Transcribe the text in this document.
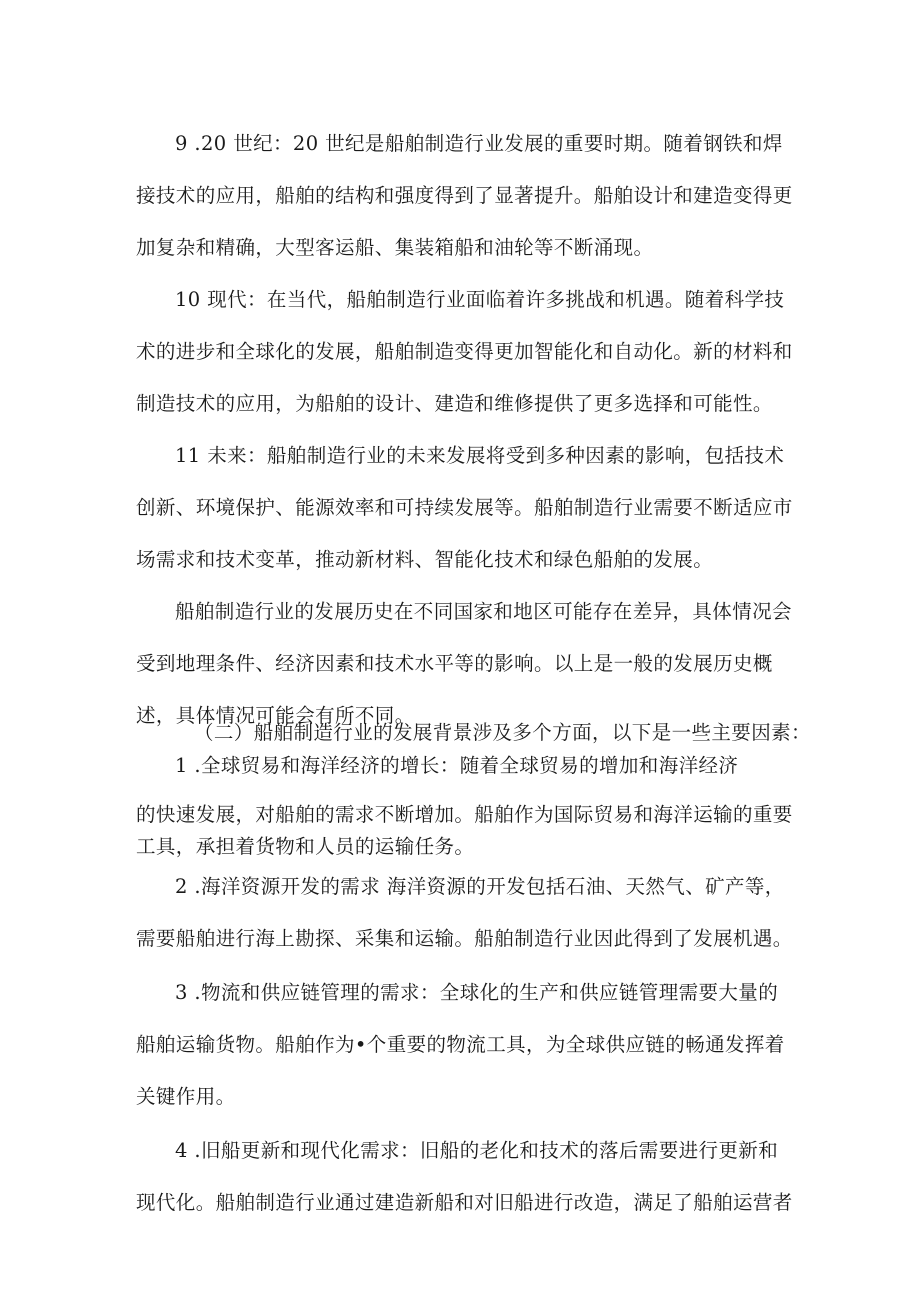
9 .20 世纪：20 世纪是船舶制造行业发展的重要时期。随着钢铁和焊接技术的应用，船舶的结构和强度得到了显著提升。船舶设计和建造变得更加复杂和精确，大型客运船、集装箱船和油轮等不断涌现。

10 现代：在当代，船舶制造行业面临着许多挑战和机遇。随着科学技术的进步和全球化的发展，船舶制造变得更加智能化和自动化。新的材料和制造技术的应用，为船舶的设计、建造和维修提供了更多选择和可能性。

11 未来：船舶制造行业的未来发展将受到多种因素的影响，包括技术创新、环境保护、能源效率和可持续发展等。船舶制造行业需要不断适应市场需求和技术变革，推动新材料、智能化技术和绿色船舶的发展。

船舶制造行业的发展历史在不同国家和地区可能存在差异，具体情况会受到地理条件、经济因素和技术水平等的影响。以上是一般的发展历史概述，具体情况可能会有所不同。

（二）船舶制造行业的发展背景涉及多个方面，以下是一些主要因素：

1 .全球贸易和海洋经济的增长：随着全球贸易的增加和海洋经济

的快速发展，对船舶的需求不断增加。船舶作为国际贸易和海洋运输的重要工具，承担着货物和人员的运输任务。

2 .海洋资源开发的需求 海洋资源的开发包括石油、天然气、矿产等，需要船舶进行海上勘探、采集和运输。船舶制造行业因此得到了发展机遇。

3 .物流和供应链管理的需求：全球化的生产和供应链管理需要大量的船舶运输货物。船舶作为•个重要的物流工具，为全球供应链的畅通发挥着关键作用。

4 .旧船更新和现代化需求：旧船的老化和技术的落后需要进行更新和现代化。船舶制造行业通过建造新船和对旧船进行改造，满足了船舶运营者
